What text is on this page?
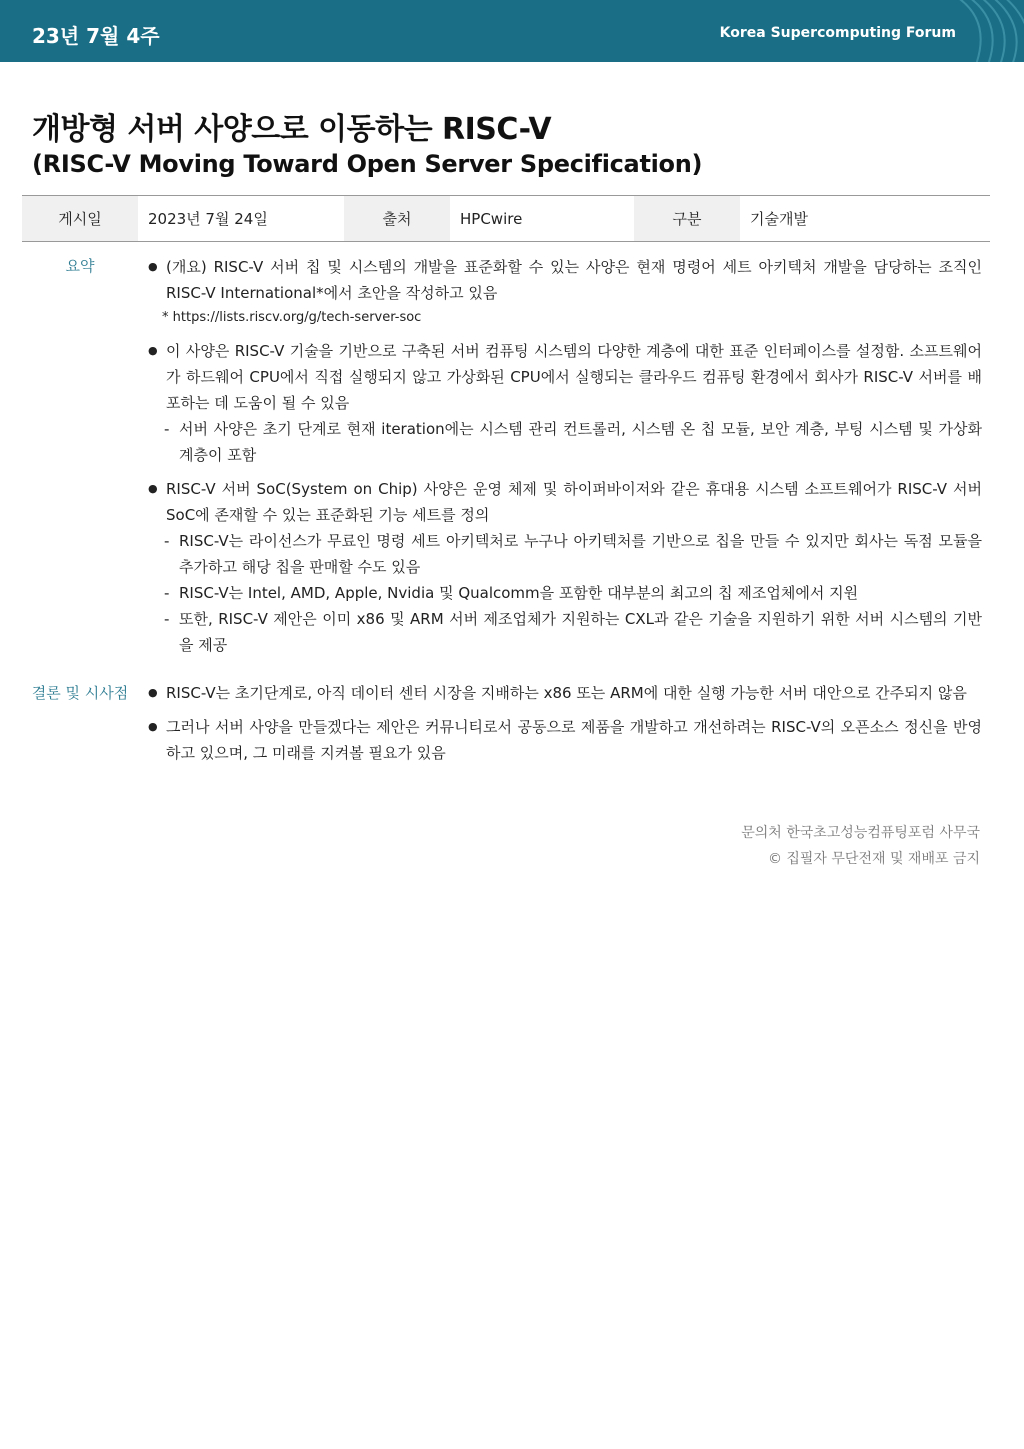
23년 7월 4주	Korea Supercomputing Forum
개방형 서버 사양으로 이동하는 RISC-V
(RISC-V Moving Toward Open Server Specification)
게시일	2023년 7월 24일	출처	HPCwire	구분	기술개발
요약	● (개요) RISC-V 서버 칩 및 시스템의 개발을 표준화할 수 있는 사양은 현재 명령어 세트 아키텍처 개발을 담당하는 조직인 RISC-V International*에서 초안을 작성하고 있음
* https://lists.riscv.org/g/tech-server-soc
● 이 사양은 RISC-V 기술을 기반으로 구축된 서버 컴퓨팅 시스템의 다양한 계층에 대한 표준 인터페이스를 설정함. 소프트웨어가 하드웨어 CPU에서 직접 실행되지 않고 가상화된 CPU에서 실행되는 클라우드 컴퓨팅 환경에서 회사가 RISC-V 서버를 배포하는 데 도움이 될 수 있음
- 서버 사양은 초기 단계로 현재 iteration에는 시스템 관리 컨트롤러, 시스템 온 칩 모듈, 보안 계층, 부팅 시스템 및 가상화 계층이 포함
● RISC-V 서버 SoC(System on Chip) 사양은 운영 체제 및 하이퍼바이저와 같은 휴대용 시스템 소프트웨어가 RISC-V 서버 SoC에 존재할 수 있는 표준화된 기능 세트를 정의
- RISC-V는 라이선스가 무료인 명령 세트 아키텍처로 누구나 아키텍처를 기반으로 칩을 만들 수 있지만 회사는 독점 모듈을 추가하고 해당 칩을 판매할 수도 있음
- RISC-V는 Intel, AMD, Apple, Nvidia 및 Qualcomm을 포함한 대부분의 최고의 칩 제조업체에서 지원
- 또한, RISC-V 제안은 이미 x86 및 ARM 서버 제조업체가 지원하는 CXL과 같은 기술을 지원하기 위한 서버 시스템의 기반을 제공
결론 및 시사점	● RISC-V는 초기단계로, 아직 데이터 센터 시장을 지배하는 x86 또는 ARM에 대한 실행 가능한 서버 대안으로 간주되지 않음
● 그러나 서버 사양을 만들겠다는 제안은 커뮤니티로서 공동으로 제품을 개발하고 개선하려는 RISC-V의 오픈소스 정신을 반영하고 있으며, 그 미래를 지켜볼 필요가 있음
문의처 한국초고성능컴퓨팅포럼 사무국
© 집필자 무단전재 및 재배포 금지
